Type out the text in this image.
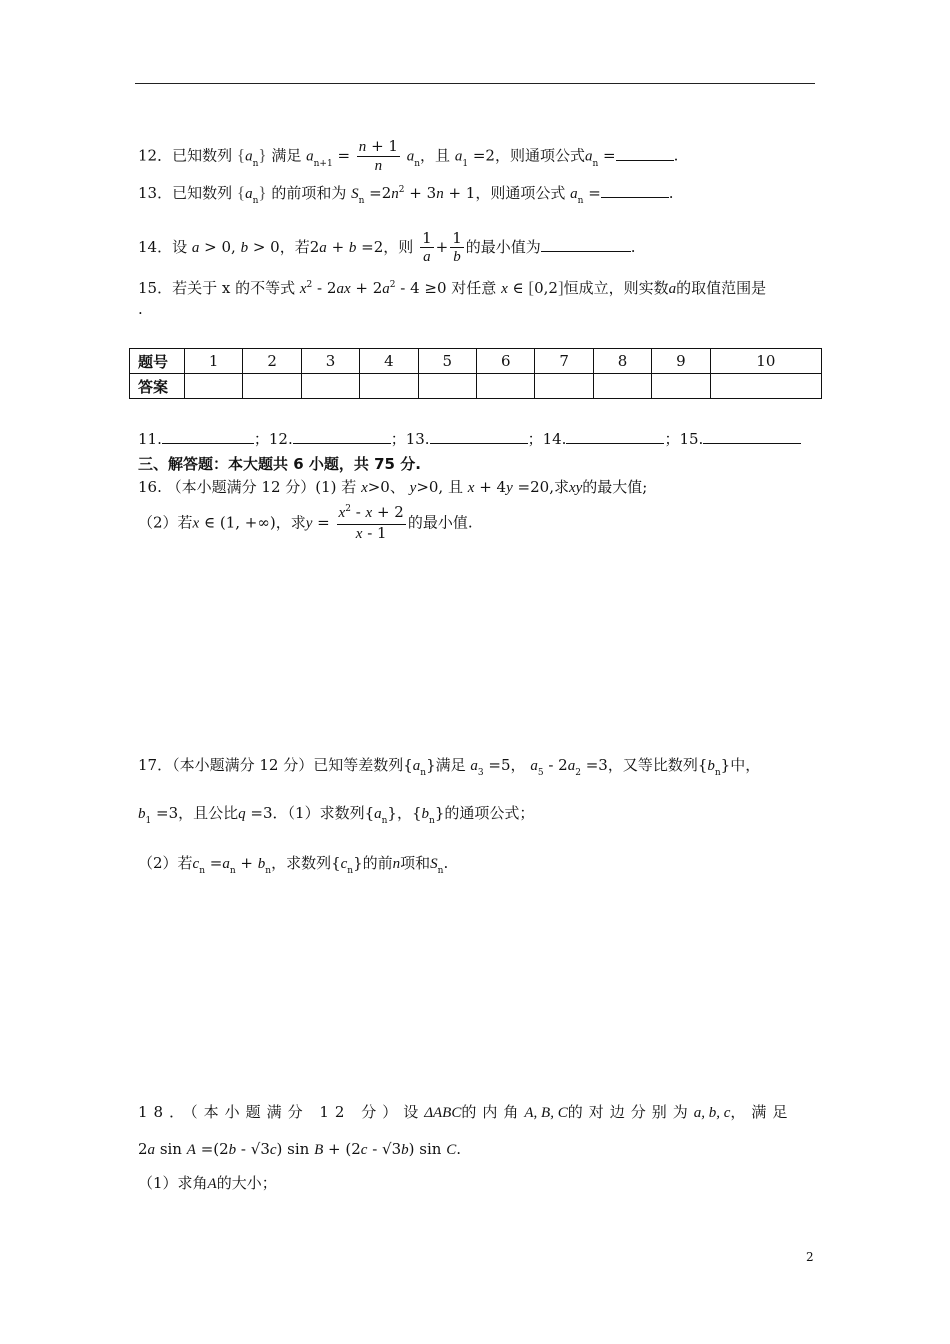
12．已知数列 $\{a_n\}$ 满足 $a_{n+1} = \frac{n + 1}{n} a_n$，且 $a_1 =2$，则通项公式$a_n$ =	.
13．已知数列 $\{a_n\}$ 的前项和为 $S_n =2n^2 + 3n + 1$，则通项公式 $a_n$ =	.
14．设 a > 0, b > 0，若2a + b =2，则 $\frac{1}{a} + \frac{1}{b}$ 的最小值为	.
15．若关于 x 的不等式 $x^2 - 2ax + 2a^2 - 4 \ge 0$ 对任意 x ∈ [0,2]恒成立，则实数a的取值范围是
.
题号	1	2	3	4	5	6	7	8	9	10
答案										
11.	；12.	；13.	；14.	；15.
三、解答题：本大题共 6 小题，共 75 分.
16. （本小题满分 12 分）(1) 若 x>0、 y>0, 且 x + 4y =20,求xy的最大值;
（2）若x ∈ (1, +∞)，求$y = \frac{x^2 - x + 2}{x - 1}$ 的最小值.
17．（本小题满分 12 分）已知等差数列$\{a_n\}$满足 $a_3 =5$， $a_5 - 2a_2 =3$，又等比数列$\{b_n\}$中，
$b_1 =3$，且公比q =3．（1）求数列$\{a_n\}$，$\{b_n\}$的通项公式；
（2）若$c_n =a_n + b_n$，求数列$\{c_n\}$的前n项和$S_n$.
18．（本小题满分 12 分）设ΔABC的内角A, B, C的对边分别为a, b, c，满足
2a sin A =(2b - √3c) sin B + (2c - √3b) sin C.
（1）求角A的大小；
2
